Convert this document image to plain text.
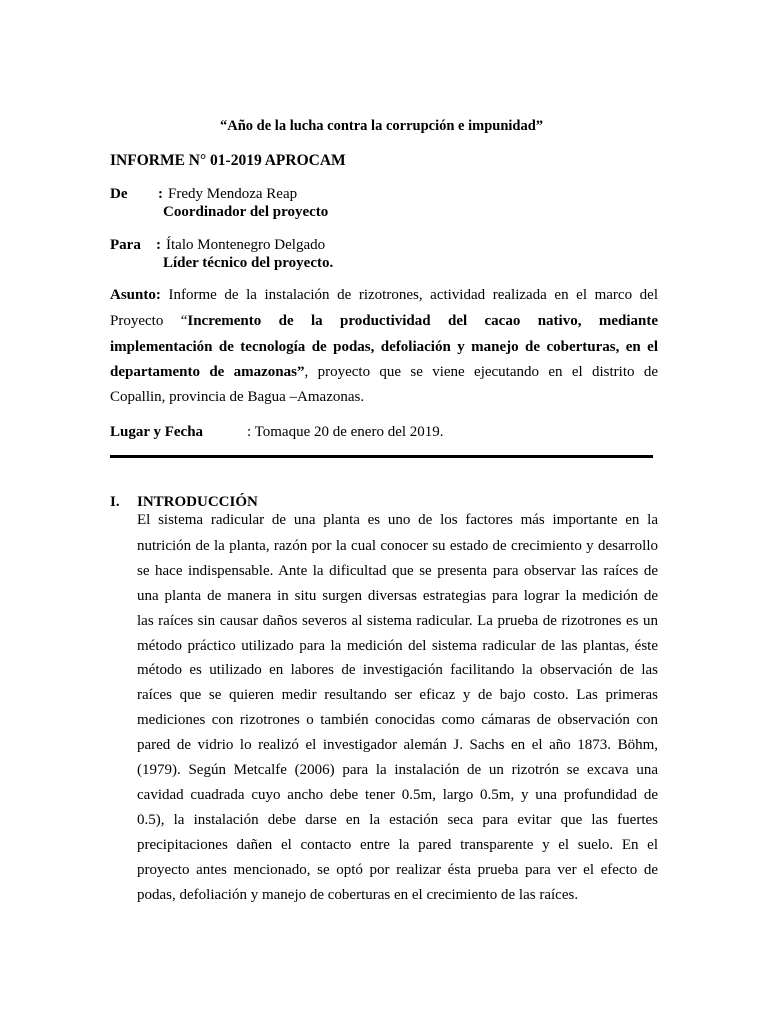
“Año de la lucha contra la corrupción e impunidad”
INFORME N° 01-2019 APROCAM
De : Fredy Mendoza Reap
Coordinador del proyecto
Para : Ítalo Montenegro Delgado
Líder técnico del proyecto.
Asunto: Informe de la instalación de rizotrones, actividad realizada en el marco del
Proyecto “Incremento de la productividad del cacao nativo, mediante
implementación de tecnología de podas, defoliación y manejo de coberturas, en el
departamento de amazonas”, proyecto que se viene ejecutando en el distrito de
Copallin, provincia de Bagua –Amazonas.
Lugar y Fecha	: Tomaque 20 de enero del 2019.
I. INTRODUCCIÓN
El sistema radicular de una planta es uno de los factores más importante en la
nutrición de la planta, razón por la cual conocer su estado de crecimiento y desarrollo
se hace indispensable. Ante la dificultad que se presenta para observar las raíces de
una planta de manera in situ surgen diversas estrategias para lograr la medición de
las raíces sin causar daños severos al sistema radicular. La prueba de rizotrones es un
método práctico utilizado para la medición del sistema radicular de las plantas, éste
método es utilizado en labores de investigación facilitando la observación de las
raíces que se quieren medir resultando ser eficaz y de bajo costo. Las primeras
mediciones con rizotrones o también conocidas como cámaras de observación con
pared de vidrio lo realizó el investigador alemán J. Sachs en el año 1873. Böhm,
(1979). Según Metcalfe (2006) para la instalación de un rizotrón se excava una
cavidad cuadrada cuyo ancho debe tener 0.5m, largo 0.5m, y una profundidad de
0.5), la instalación debe darse en la estación seca para evitar que las fuertes
precipitaciones dañen el contacto entre la pared transparente y el suelo. En el
proyecto antes mencionado, se optó por realizar ésta prueba para ver el efecto de
podas, defoliación y manejo de coberturas en el crecimiento de las raíces.
